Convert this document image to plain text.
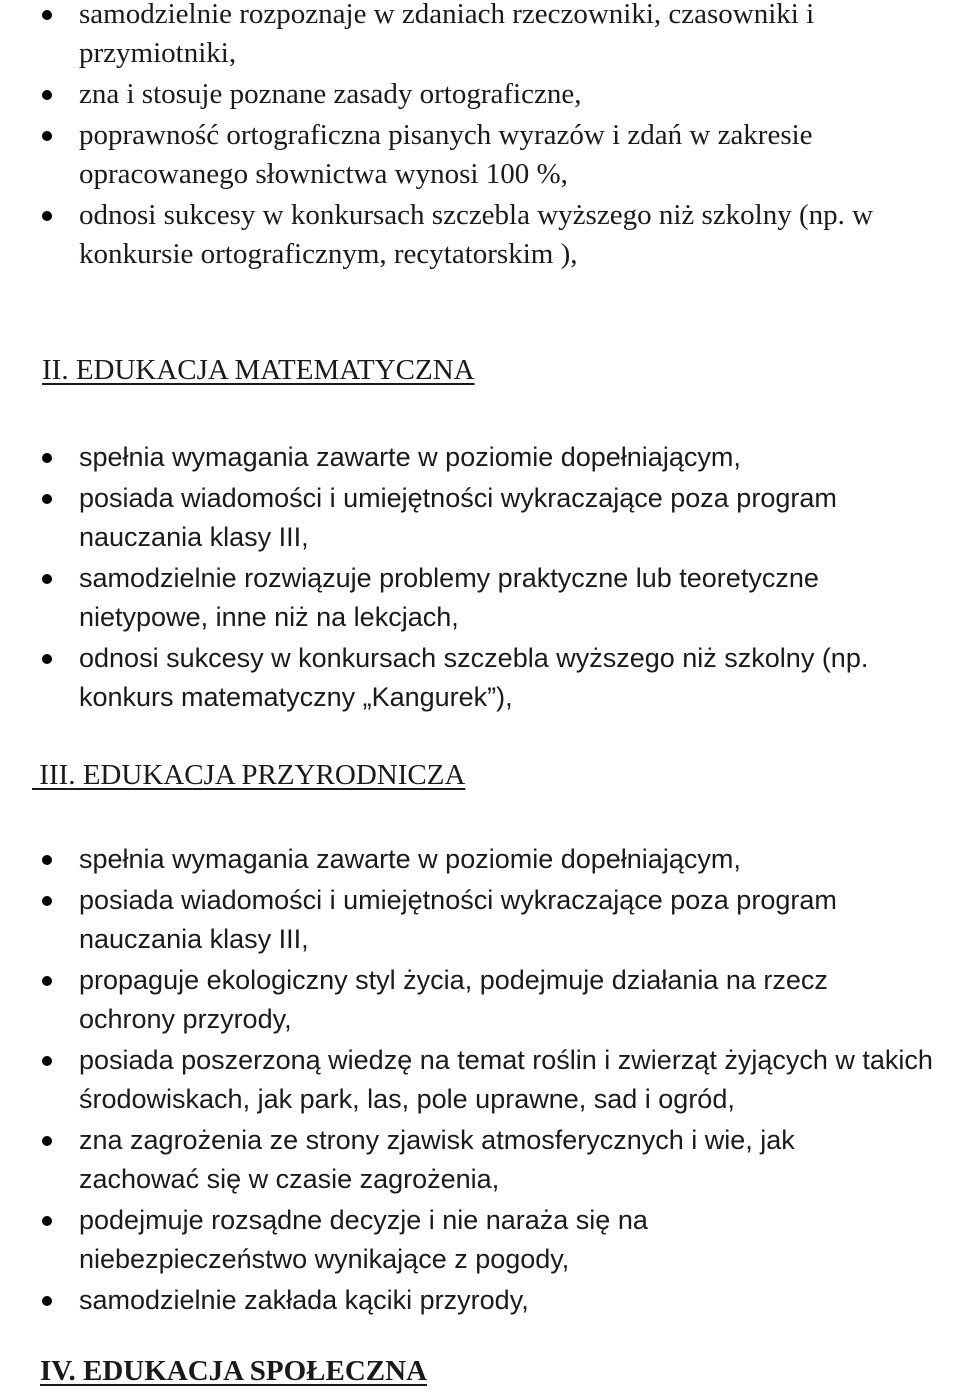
samodzielnie rozpoznaje w zdaniach rzeczowniki, czasowniki i przymiotniki,
zna i stosuje poznane zasady ortograficzne,
poprawność ortograficzna pisanych wyrazów i zdań w zakresie opracowanego słownictwa wynosi 100 %,
odnosi sukcesy w konkursach szczebla wyższego niż szkolny (np. w konkursie ortograficznym, recytatorskim ),
II. EDUKACJA MATEMATYCZNA
spełnia wymagania zawarte w poziomie dopełniającym,
posiada wiadomości i umiejętności wykraczające poza program nauczania klasy III,
samodzielnie rozwiązuje problemy praktyczne lub teoretyczne nietypowe, inne niż na lekcjach,
odnosi sukcesy w konkursach szczebla wyższego niż szkolny (np. konkurs matematyczny „Kangurek”),
III. EDUKACJA PRZYRODNICZA
spełnia wymagania zawarte w poziomie dopełniającym,
posiada wiadomości i umiejętności wykraczające poza program nauczania klasy III,
propaguje ekologiczny styl życia, podejmuje działania na rzecz ochrony przyrody,
posiada poszerzoną wiedzę na temat roślin i zwierząt żyjących w takich środowiskach, jak park, las, pole uprawne, sad i ogród,
zna zagrożenia ze strony zjawisk atmosferycznych i wie, jak zachować się w czasie zagrożenia,
podejmuje rozsądne decyzje i nie naraża się na niebezpieczeństwo wynikające z pogody,
samodzielnie zakłada kąciki przyrody,
IV. EDUKACJA SPOŁECZNA
